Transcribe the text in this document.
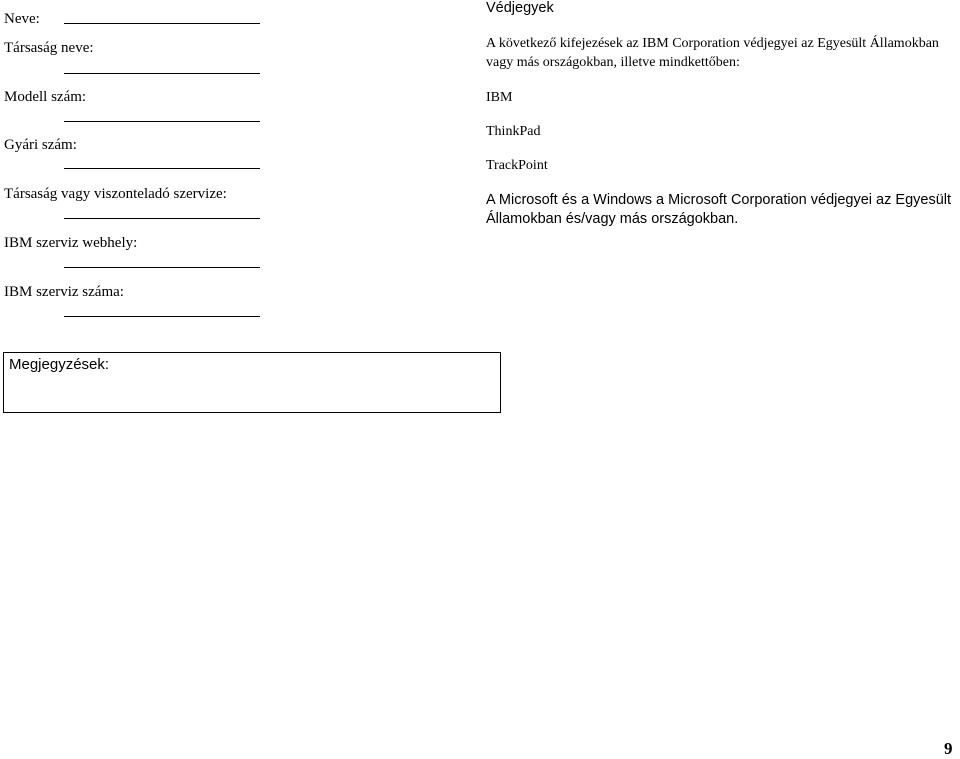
Neve:
Társaság neve:
Modell szám:
Gyári szám:
Társaság vagy viszonteladó szervize:
IBM szerviz webhely:
IBM szerviz száma:
Megjegyzések:
Védjegyek
A következő kifejezések az IBM Corporation védjegyei az Egyesült Államokban vagy más országokban, illetve mindkettőben:
IBM
ThinkPad
TrackPoint
A Microsoft és a Windows a Microsoft Corporation védjegyei az Egyesült Államokban és/vagy más országokban.
9
